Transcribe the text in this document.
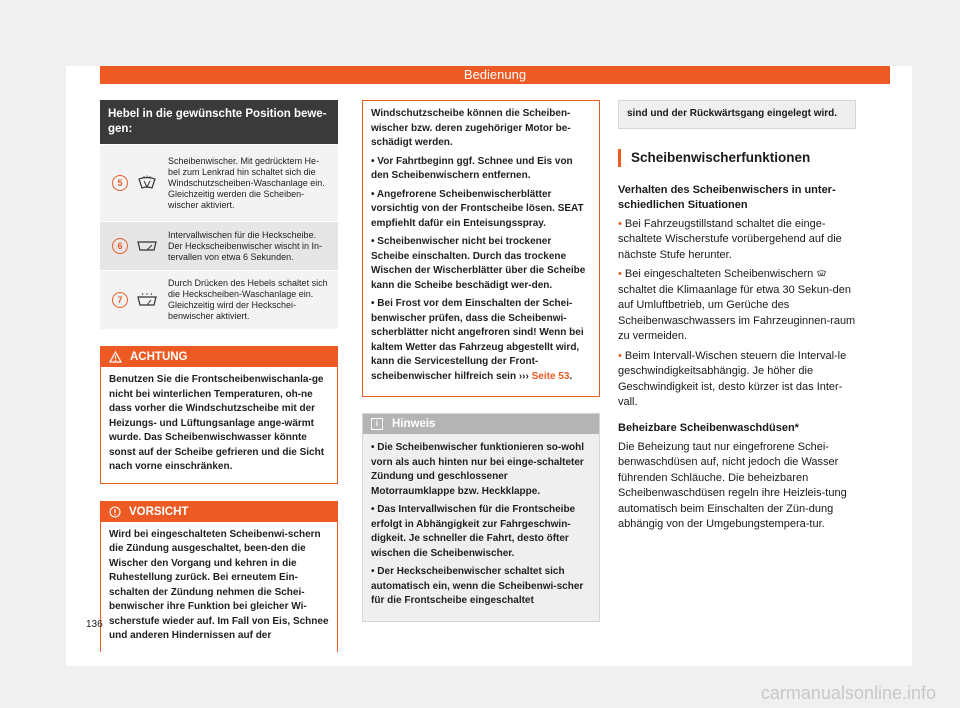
Bedienung
Hebel in die gewünschte Position bewe-gen:
5
Scheibenwischer. Mit gedrücktem He-bel zum Lenkrad hin schaltet sich die Windschutzscheiben-Waschanlage ein. Gleichzeitig werden die Scheiben-wischer aktiviert.
6
Intervallwischen für die Heckscheibe. Der Heckscheibenwischer wischt in In-tervallen von etwa 6 Sekunden.
7
Durch Drücken des Hebels schaltet sich die Heckscheiben-Waschanlage ein. Gleichzeitig wird der Heckschei-benwischer aktiviert.
ACHTUNG
Benutzen Sie die Frontscheibenwischanla-ge nicht bei winterlichen Temperaturen, oh-ne dass vorher die Windschutzscheibe mit der Heizungs- und Lüftungsanlage ange-wärmt wurde. Das Scheibenwischwasser könnte sonst auf der Scheibe gefrieren und die Sicht nach vorne einschränken.
VORSICHT
Wird bei eingeschalteten Scheibenwi-schern die Zündung ausgeschaltet, been-den die Wischer den Vorgang und kehren in die Ruhestellung zurück. Bei erneutem Ein-schalten der Zündung nehmen die Schei-benwischer ihre Funktion bei gleicher Wi-scherstufe wieder auf. Im Fall von Eis, Schnee und anderen Hindernissen auf der

Windschutzscheibe können die Scheiben-wischer bzw. deren zugehöriger Motor be-schädigt werden.

• Vor Fahrtbeginn ggf. Schnee und Eis von den Scheibenwischern entfernen.

• Angefrorene Scheibenwischerblätter vorsichtig von der Frontscheibe lösen. SEAT empfiehlt dafür ein Enteisungsspray.

• Scheibenwischer nicht bei trockener Scheibe einschalten. Durch das trockene Wischen der Wischerblätter über die Scheibe kann die Scheibe beschädigt wer-den.

• Bei Frost vor dem Einschalten der Schei-benwischer prüfen, dass die Scheibenwi-scherblätter nicht angefroren sind! Wenn bei kaltem Wetter das Fahrzeug abgestellt wird, kann die Servicestellung der Front-scheibenwischer hilfreich sein ››› Seite 53.

i	Hinweis

• Die Scheibenwischer funktionieren so-wohl vorn als auch hinten nur bei einge-schalteter Zündung und geschlossener Motorraumklappe bzw. Heckklappe.

• Das Intervallwischen für die Frontscheibe erfolgt in Abhängigkeit zur Fahrgeschwin-digkeit. Je schneller die Fahrt, desto öfter wischen die Scheibenwischer.

• Der Heckscheibenwischer schaltet sich automatisch ein, wenn die Scheibenwi-scher für die Frontscheibe eingeschaltet

sind und der Rückwärtsgang eingelegt wird.
Scheibenwischerfunktionen
Verhalten des Scheibenwischers in unter-schiedlichen Situationen

• Bei Fahrzeugstillstand schaltet die einge-schaltete Wischerstufe vorübergehend auf die nächste Stufe herunter.

• Bei eingeschalteten Scheibenwischern  schaltet die Klimaanlage für etwa 30 Sekun-den auf Umluftbetrieb, um Gerüche des Scheibenwaschwassers im Fahrzeuginnen-raum zu vermeiden.

• Beim Intervall-Wischen steuern die Interval-le geschwindigkeitsabhängig. Je höher die Geschwindigkeit ist, desto kürzer ist das Inter-vall.

Beheizbare Scheibenwaschdüsen*

Die Beheizung taut nur eingefrorene Schei-benwaschdüsen auf, nicht jedoch die Wasser führenden Schläuche. Die beheizbaren Scheibenwaschdüsen regeln ihre Heizleis-tung automatisch beim Einschalten der Zün-dung abhängig von der Umgebungstempera-tur.

136
carmanualsonline.info
